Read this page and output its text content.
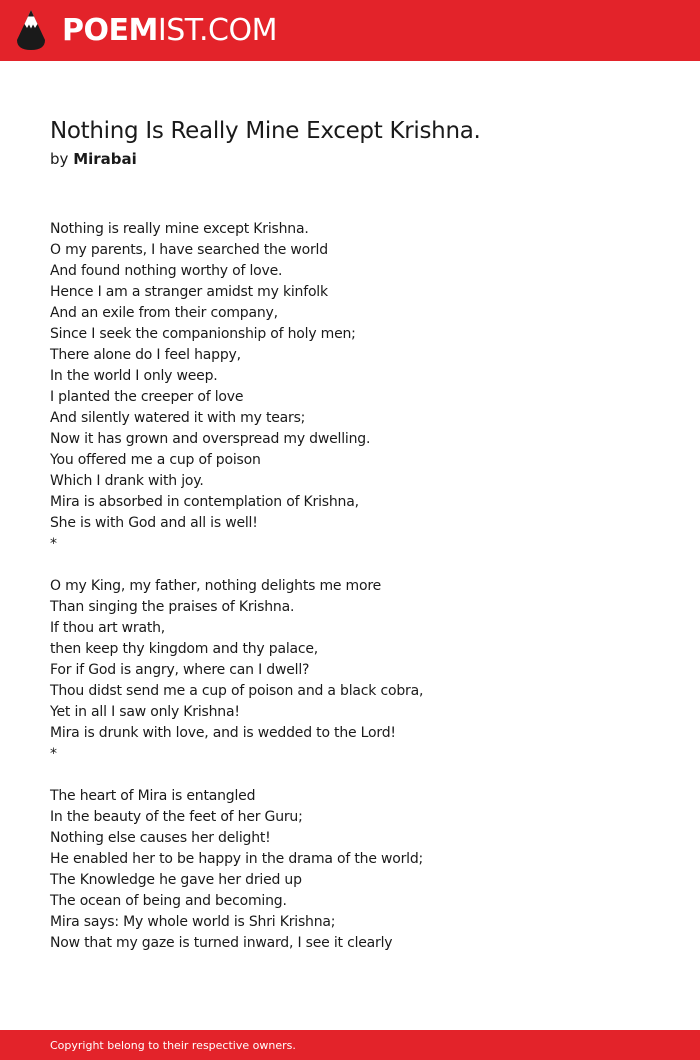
POEMIST.COM
Nothing Is Really Mine Except Krishna.
by Mirabai
Nothing is really mine except Krishna.
O my parents, I have searched the world
And found nothing worthy of love.
Hence I am a stranger amidst my kinfolk
And an exile from their company,
Since I seek the companionship of holy men;
There alone do I feel happy,
In the world I only weep.
I planted the creeper of love
And silently watered it with my tears;
Now it has grown and overspread my dwelling.
You offered me a cup of poison
Which I drank with joy.
Mira is absorbed in contemplation of Krishna,
She is with God and all is well!
*
O my King, my father, nothing delights me more
Than singing the praises of Krishna.
If thou art wrath,
then keep thy kingdom and thy palace,
For if God is angry, where can I dwell?
Thou didst send me a cup of poison and a black cobra,
Yet in all I saw only Krishna!
Mira is drunk with love, and is wedded to the Lord!
*
The heart of Mira is entangled
In the beauty of the feet of her Guru;
Nothing else causes her delight!
He enabled her to be happy in the drama of the world;
The Knowledge he gave her dried up
The ocean of being and becoming.
Mira says: My whole world is Shri Krishna;
Now that my gaze is turned inward, I see it clearly
Copyright belong to their respective owners.
